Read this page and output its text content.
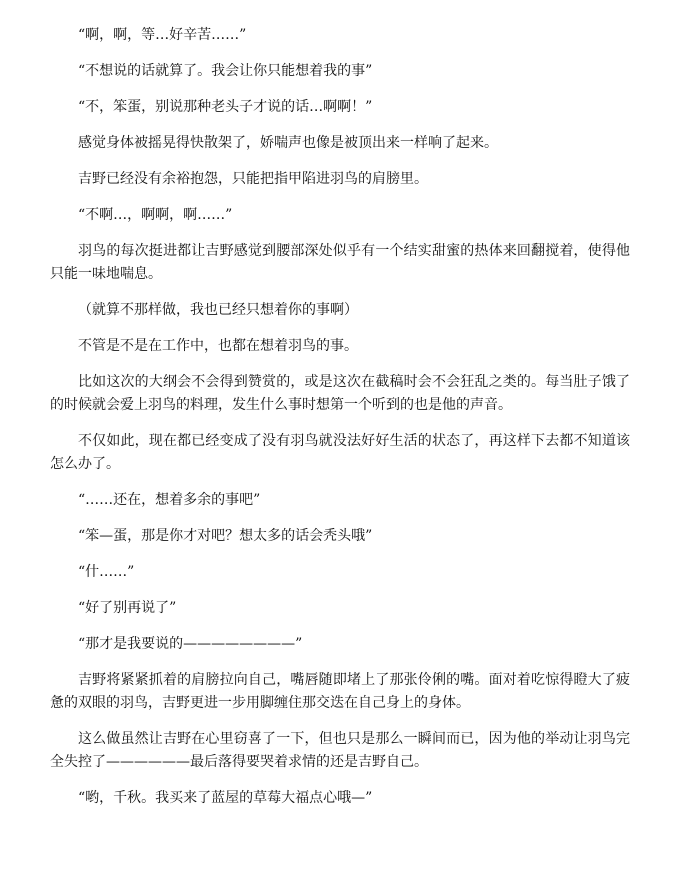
“啊，啊，等…好辛苦……”

“不想说的话就算了。我会让你只能想着我的事”

“不，笨蛋，别说那种老头子才说的话…啊啊！”

感觉身体被摇晃得快散架了，娇喘声也像是被顶出来一样响了起来。

吉野已经没有余裕抱怨，只能把指甲陷进羽鸟的肩膀里。

“不啊…，啊啊，啊……”

羽鸟的每次挺进都让吉野感觉到腰部深处似乎有一个结实甜蜜的热体来回翻搅着，使得他只能一味地喘息。

（就算不那样做，我也已经只想着你的事啊）

不管是不是在工作中，也都在想着羽鸟的事。

比如这次的大纲会不会得到赞赏的，或是这次在截稿时会不会狂乱之类的。每当肚子饿了的时候就会爱上羽鸟的料理，发生什么事时想第一个听到的也是他的声音。

不仅如此，现在都已经变成了没有羽鸟就没法好好生活的状态了，再这样下去都不知道该怎么办了。

“……还在，想着多余的事吧”

“笨—蛋，那是你才对吧？想太多的话会秃头哦”

“什……”

“好了别再说了”

“那才是我要说的————————”

吉野将紧紧抓着的肩膀拉向自己，嘴唇随即堵上了那张伶俐的嘴。面对着吃惊得瞪大了疲惫的双眼的羽鸟，吉野更进一步用脚缠住那交迭在自己身上的身体。

这么做虽然让吉野在心里窃喜了一下，但也只是那么一瞬间而已，因为他的举动让羽鸟完全失控了——————最后落得要哭着求情的还是吉野自己。

“哟，千秋。我买来了蓝屋的草莓大福点心哦—”
